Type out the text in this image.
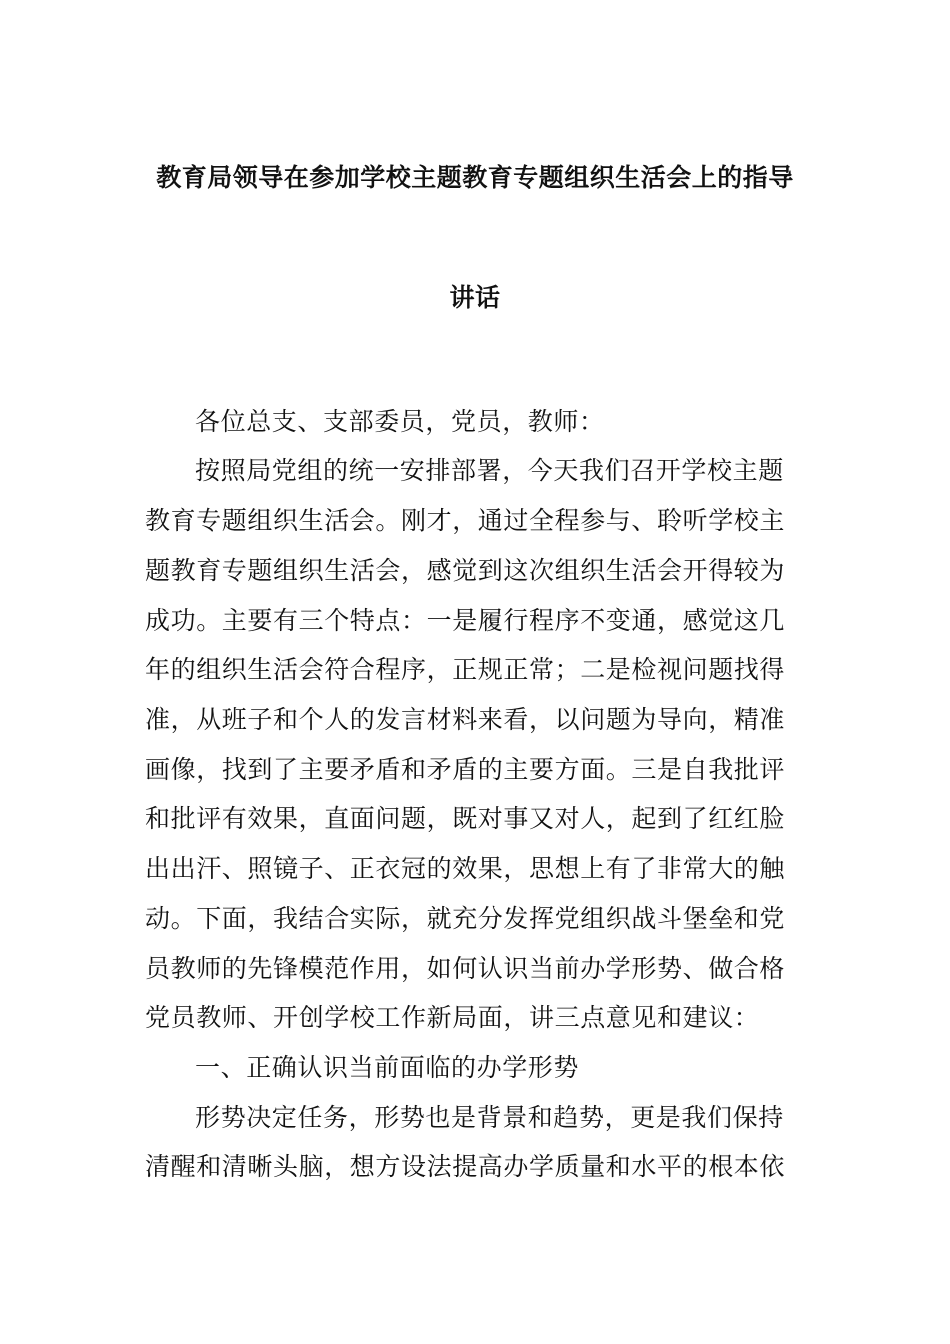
教育局领导在参加学校主题教育专题组织生活会上的指导
讲话
各位总支、支部委员，党员，教师：
按照局党组的统一安排部署，今天我们召开学校主题
教育专题组织生活会。刚才，通过全程参与、聆听学校主
题教育专题组织生活会，感觉到这次组织生活会开得较为
成功。主要有三个特点：一是履行程序不变通，感觉这几
年的组织生活会符合程序，正规正常；二是检视问题找得
准，从班子和个人的发言材料来看，以问题为导向，精准
画像，找到了主要矛盾和矛盾的主要方面。三是自我批评
和批评有效果，直面问题，既对事又对人，起到了红红脸
出出汗、照镜子、正衣冠的效果，思想上有了非常大的触
动。下面，我结合实际，就充分发挥党组织战斗堡垒和党
员教师的先锋模范作用，如何认识当前办学形势、做合格
党员教师、开创学校工作新局面，讲三点意见和建议：
一、正确认识当前面临的办学形势
形势决定任务，形势也是背景和趋势，更是我们保持
清醒和清晰头脑，想方设法提高办学质量和水平的根本依
